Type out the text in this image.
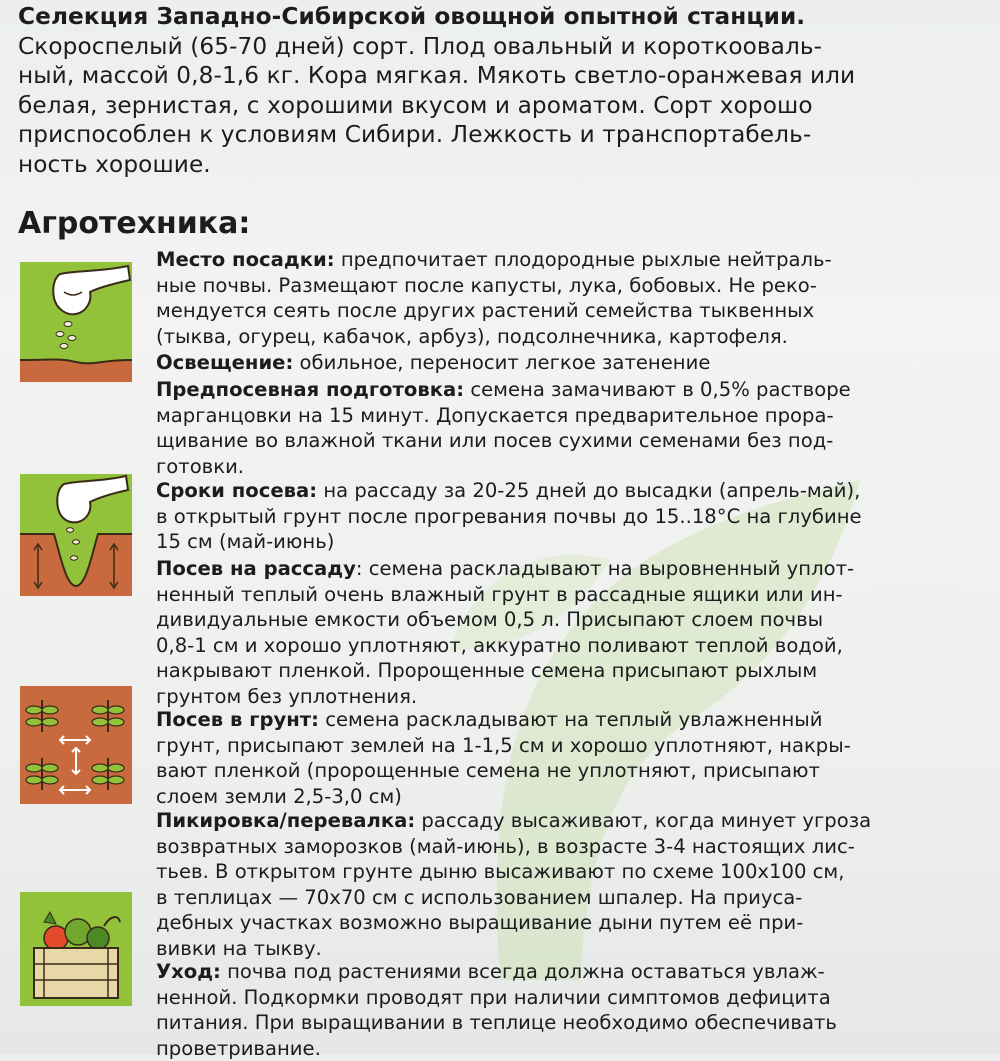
Селекция Западно-Сибирской овощной опытной станции.
Скороспелый (65-70 дней) сорт. Плод овальный и короткооваль-
ный, массой 0,8-1,6 кг. Кора мягкая. Мякоть светло-оранжевая или
белая, зернистая, с хорошими вкусом и ароматом. Сорт хорошо
приспособлен к условиям Сибири. Лежкость и транспортабель-
ность хорошие.
Агротехника:
Место посадки: предпочитает плодородные рыхлые нейтраль-
ные почвы. Размещают после капусты, лука, бобовых. Не реко-
мендуется сеять после других растений семейства тыквенных
(тыква, огурец, кабачок, арбуз), подсолнечника, картофеля.
Освещение: обильное, переносит легкое затенение
Предпосевная подготовка: семена замачивают в 0,5% растворе
марганцовки на 15 минут. Допускается предварительное прора-
щивание во влажной ткани или посев сухими семенами без под-
готовки.
Сроки посева: на рассаду за 20-25 дней до высадки (апрель-май),
в открытый грунт после прогревания почвы до 15..18°С на глубине
15 см (май-июнь)
Посев на рассаду: семена раскладывают на выровненный уплот-
ненный теплый очень влажный грунт в рассадные ящики или ин-
дивидуальные емкости объемом 0,5 л. Присыпают слоем почвы
0,8-1 см и хорошо уплотняют, аккуратно поливают теплой водой,
накрывают пленкой. Пророщенные семена присыпают рыхлым
грунтом без уплотнения.
Посев в грунт: семена раскладывают на теплый увлажненный
грунт, присыпают землей на 1-1,5 см и хорошо уплотняют, накры-
вают пленкой (пророщенные семена не уплотняют, присыпают
слоем земли 2,5-3,0 см)
Пикировка/перевалка: рассаду высаживают, когда минует угроза
возвратных заморозков (май-июнь), в возрасте 3-4 настоящих лис-
тьев. В открытом грунте дыню высаживают по схеме 100х100 см,
в теплицах — 70х70 см с использованием шпалер. На приуса-
дебных участках возможно выращивание дыни путем её при-
вивки на тыкву.
Уход: почва под растениями всегда должна оставаться увлаж-
ненной. Подкормки проводят при наличии симптомов дефицита
питания. При выращивании в теплице необходимо обеспечивать
проветривание.
